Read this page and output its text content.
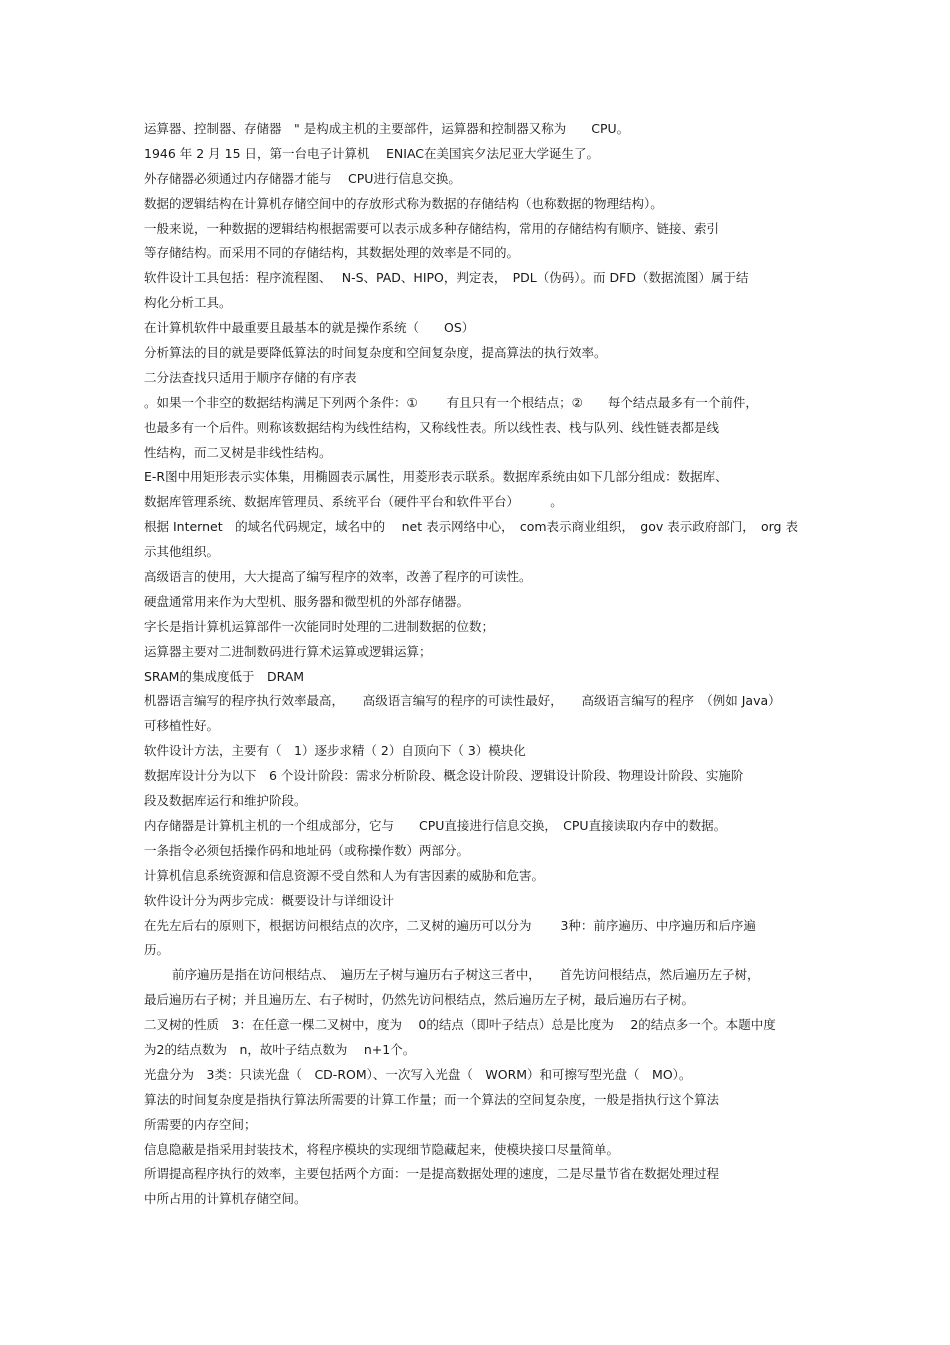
运算器、控制器、存储器　" 是构成主机的主要部件，运算器和控制器又称为　　CPU。
1946 年 2 月 15 日，第一台电子计算机　 ENIAC在美国宾夕法尼亚大学诞生了。
外存储器必须通过内存储器才能与　 CPU进行信息交换。
数据的逻辑结构在计算机存储空间中的存放形式称为数据的存储结构（也称数据的物理结构）。
一般来说，一种数据的逻辑结构根据需要可以表示成多种存储结构，常用的存储结构有顺序、链接、索引
等存储结构。而采用不同的存储结构，其数据处理的效率是不同的。
软件设计工具包括：程序流程图、　 N-S、PAD、HIPO，判定表，　PDL（伪码）。而 DFD（数据流图）属于结
构化分析工具。
在计算机软件中最重要且最基本的就是操作系统（　　OS）
分析算法的目的就是要降低算法的时间复杂度和空间复杂度，提高算法的执行效率。
二分法查找只适用于顺序存储的有序表
。如果一个非空的数据结构满足下列两个条件：①　　 有且只有一个根结点；②　　每个结点最多有一个前件，
也最多有一个后件。则称该数据结构为线性结构，又称线性表。所以线性表、栈与队列、线性链表都是线
性结构，而二叉树是非线性结构。
E-R图中用矩形表示实体集，用椭圆表示属性，用菱形表示联系。数据库系统由如下几部分组成：数据库、
数据库管理系统、数据库管理员、系统平台（硬件平台和软件平台）　　　。
根据 Internet　的域名代码规定，域名中的　 net 表示网络中心，　com表示商业组织，　gov 表示政府部门，　org 表
示其他组织。
高级语言的使用，大大提高了编写程序的效率，改善了程序的可读性。
硬盘通常用来作为大型机、服务器和微型机的外部存储器。
字长是指计算机运算部件一次能同时处理的二进制数据的位数；
运算器主要对二进制数码进行算术运算或逻辑运算；
SRAM的集成度低于　DRAM
机器语言编写的程序执行效率最高，　　高级语言编写的程序的可读性最好，　　高级语言编写的程序　（例如 Java）
可移植性好。
软件设计方法，主要有（　1）逐步求精（ 2）自顶向下（ 3）模块化
数据库设计分为以下　6 个设计阶段：需求分析阶段、概念设计阶段、逻辑设计阶段、物理设计阶段、实施阶
段及数据库运行和维护阶段。
内存储器是计算机主机的一个组成部分，它与　　CPU直接进行信息交换，　CPU直接读取内存中的数据。
一条指令必须包括操作码和地址码（或称操作数）两部分。
计算机信息系统资源和信息资源不受自然和人为有害因素的威胁和危害。
软件设计分为两步完成：概要设计与详细设计
在先左后右的原则下，根据访问根结点的次序，二叉树的遍历可以分为　　 3种：前序遍历、中序遍历和后序遍
历。
前序遍历是指在访问根结点、　遍历左子树与遍历右子树这三者中，　　首先访问根结点，然后遍历左子树，
最后遍历右子树；并且遍历左、右子树时，仍然先访问根结点，然后遍历左子树，最后遍历右子树。
二叉树的性质　3：在任意一棵二叉树中，度为　 0的结点（即叶子结点）总是比度为　 2的结点多一个。本题中度
为2的结点数为　n，故叶子结点数为　 n+1个。
光盘分为　3类：只读光盘（　CD-ROM）、一次写入光盘（　WORM）和可擦写型光盘（　MO）。
算法的时间复杂度是指执行算法所需要的计算工作量；而一个算法的空间复杂度，一般是指执行这个算法
所需要的内存空间；
信息隐蔽是指采用封装技术，将程序模块的实现细节隐藏起来，使模块接口尽量简单。
所谓提高程序执行的效率，主要包括两个方面：一是提高数据处理的速度，二是尽量节省在数据处理过程
中所占用的计算机存储空间。
